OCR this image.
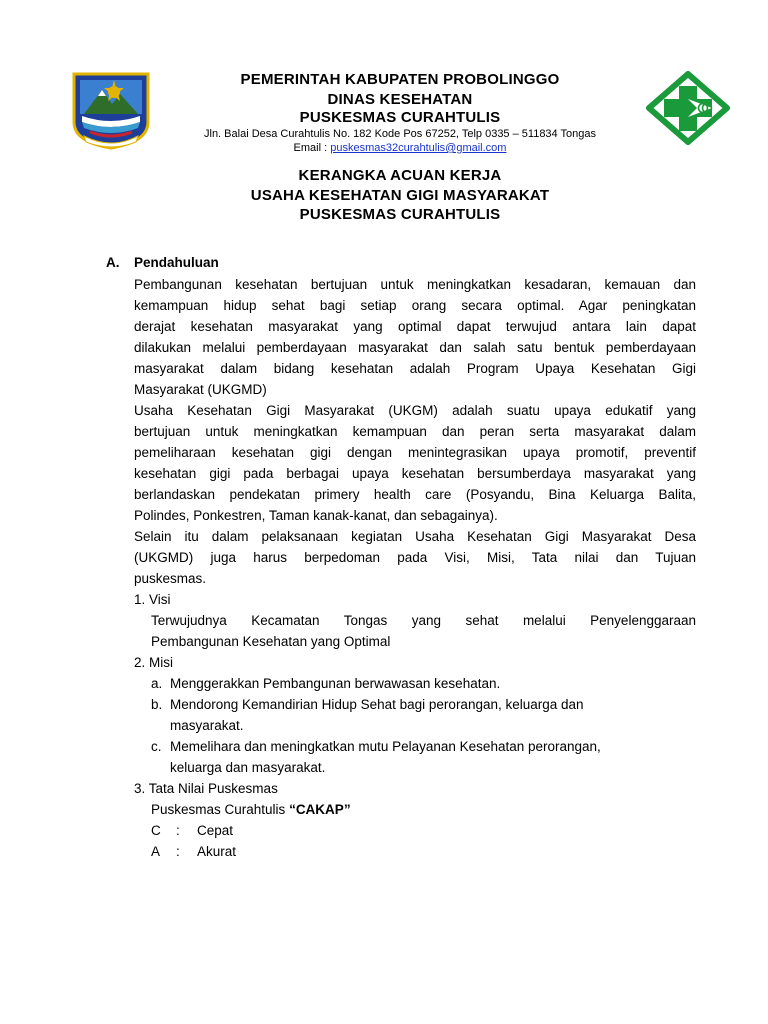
PEMERINTAH KABUPATEN PROBOLINGGO
DINAS KESEHATAN
PUSKESMAS CURAHTULIS
Jln. Balai Desa Curahtulis No. 182 Kode Pos 67252, Telp 0335 – 511834 Tongas
Email : puskesmas32curahtulis@gmail.com
KERANGKA ACUAN KERJA
USAHA KESEHATAN GIGI MASYARAKAT
PUSKESMAS CURAHTULIS
A. Pendahuluan
Pembangunan kesehatan bertujuan untuk meningkatkan kesadaran, kemauan dan
kemampuan hidup sehat bagi setiap orang secara optimal. Agar peningkatan
derajat kesehatan masyarakat yang optimal dapat terwujud antara lain dapat
dilakukan melalui pemberdayaan masyarakat dan salah satu bentuk pemberdayaan
masyarakat dalam bidang kesehatan adalah Program Upaya Kesehatan Gigi
Masyarakat (UKGMD)
Usaha Kesehatan Gigi Masyarakat (UKGM) adalah suatu upaya edukatif yang
bertujuan untuk meningkatkan kemampuan dan peran serta masyarakat dalam
pemeliharaan kesehatan gigi dengan menintegrasikan upaya promotif, preventif
kesehatan gigi pada berbagai upaya kesehatan bersumberdaya masyarakat yang
berlandaskan pendekatan primery health care (Posyandu, Bina Keluarga Balita,
Polindes, Ponkestren, Taman kanak-kanat, dan sebagainya).
Selain itu dalam pelaksanaan kegiatan Usaha Kesehatan Gigi Masyarakat Desa
(UKGMD) juga harus berpedoman pada Visi, Misi, Tata nilai dan Tujuan
puskesmas.
1. Visi
Terwujudnya Kecamatan Tongas yang sehat melalui Penyelenggaraan
Pembangunan Kesehatan yang Optimal
2. Misi
a. Menggerakkan Pembangunan berwawasan kesehatan.
b. Mendorong Kemandirian Hidup Sehat bagi perorangan, keluarga dan
masyarakat.
c. Memelihara dan meningkatkan mutu Pelayanan Kesehatan perorangan,
keluarga dan masyarakat.
3. Tata Nilai Puskesmas
Puskesmas Curahtulis “CAKAP”
C : Cepat
A : Akurat
